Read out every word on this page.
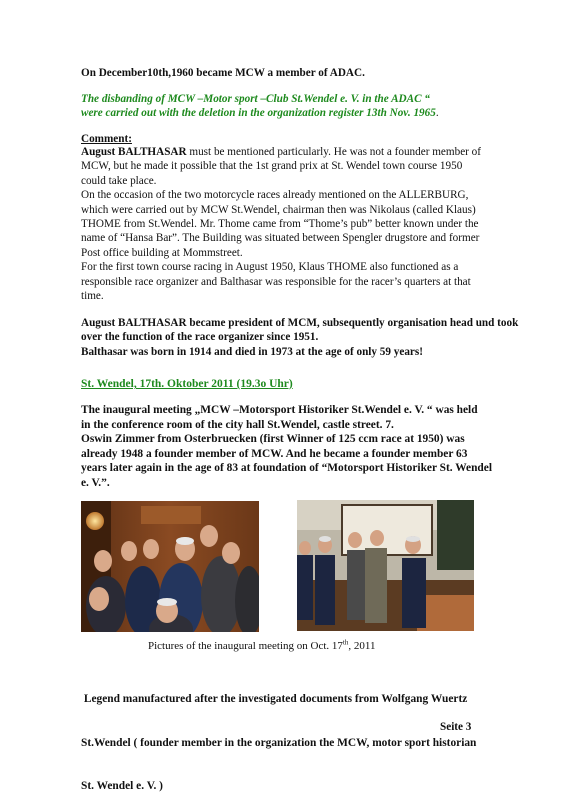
On December10th,1960 became MCW a member of ADAC.

The disbanding of MCW –Motor sport –Club St.Wendel e. V. in the ADAC “
were carried out with the deletion in the organization register 13th Nov. 1965.

Comment:

August BALTHASAR must be mentioned particularly. He was not a founder member of
MCW, but he made it possible that the 1st grand prix at St. Wendel town course 1950
could take place.
On the occasion of the two motorcycle races already mentioned on the ALLERBURG,
which were carried out by MCW St.Wendel, chairman then was Nikolaus (called Klaus)
THOME from St.Wendel. Mr. Thome came from “Thome’s pub” better known under the
name of “Hansa Bar”. The Building was situated between Spengler drugstore and former
Post office building at Mommstreet.
For the first town course racing in August 1950, Klaus THOME also functioned as a
responsible race organizer and Balthasar was responsible for the racer’s quarters at that
time.
August BALTHASAR became president of MCM, subsequently organisation head und took
over the function of the race organizer since 1951.
Balthasar was born in 1914 and died in 1973 at the age of only 59 years!

St. Wendel, 17th. Oktober 2011 (19.3o Uhr)

The inaugural meeting „MCW –Motorsport Historiker St.Wendel e. V. “ was held
in the conference room of the city hall St.Wendel, castle street. 7.
Oswin Zimmer from Osterbruecken (first Winner of 125 ccm race at 1950) was
already 1948 a founder member of MCW. And he became a founder member 63
years later again in the age of 83 at foundation of “Motorsport Historiker St. Wendel
e. V.”.
Pictures of the inaugural meeting on Oct. 17th, 2011

Legend manufactured after the investigated documents from Wolfgang Wuertz

St.Wendel ( founder member in the organization the MCW, motor sport historian

St. Wendel e. V. )

Seite 3
